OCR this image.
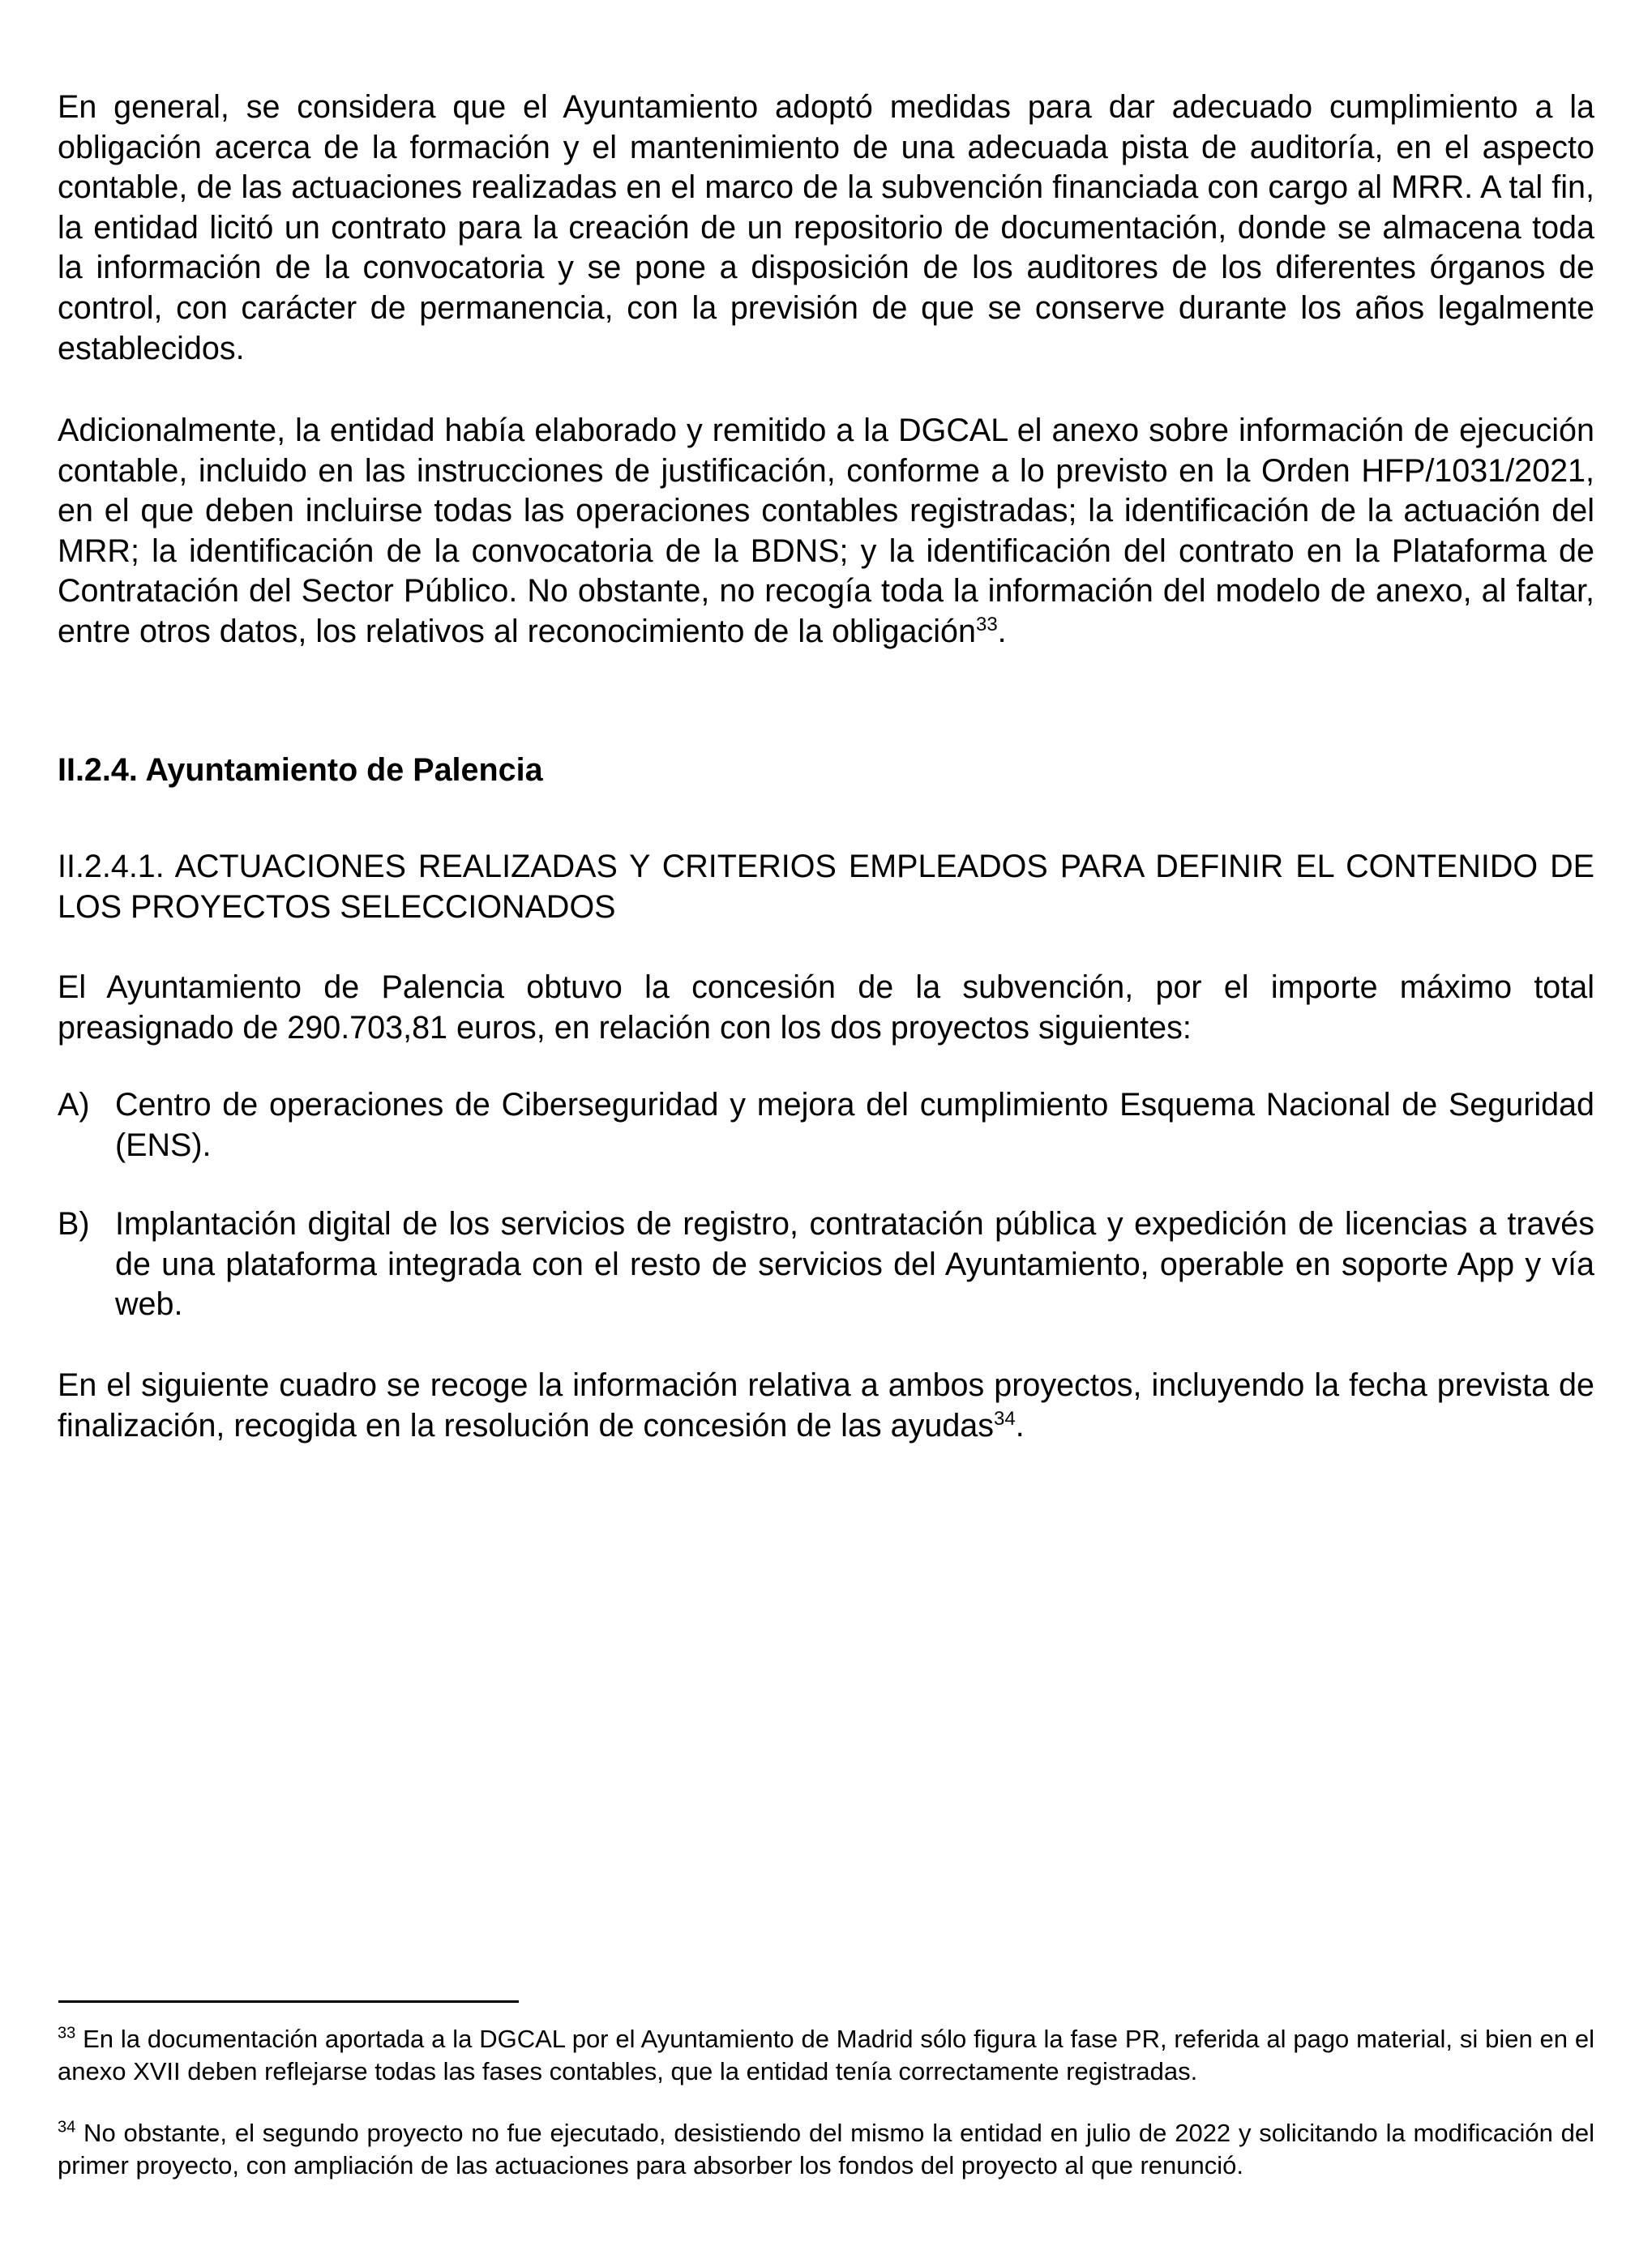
En general, se considera que el Ayuntamiento adoptó medidas para dar adecuado cumplimiento a la obligación acerca de la formación y el mantenimiento de una adecuada pista de auditoría, en el aspecto contable, de las actuaciones realizadas en el marco de la subvención financiada con cargo al MRR. A tal fin, la entidad licitó un contrato para la creación de un repositorio de documentación, donde se almacena toda la información de la convocatoria y se pone a disposición de los auditores de los diferentes órganos de control, con carácter de permanencia, con la previsión de que se conserve durante los años legalmente establecidos.
Adicionalmente, la entidad había elaborado y remitido a la DGCAL el anexo sobre información de ejecución contable, incluido en las instrucciones de justificación, conforme a lo previsto en la Orden HFP/1031/2021, en el que deben incluirse todas las operaciones contables registradas; la identificación de la actuación del MRR; la identificación de la convocatoria de la BDNS; y la identificación del contrato en la Plataforma de Contratación del Sector Público. No obstante, no recogía toda la información del modelo de anexo, al faltar, entre otros datos, los relativos al reconocimiento de la obligación$^{33}$.
II.2.4. Ayuntamiento de Palencia
II.2.4.1. ACTUACIONES REALIZADAS Y CRITERIOS EMPLEADOS PARA DEFINIR EL CONTENIDO DE LOS PROYECTOS SELECCIONADOS
El Ayuntamiento de Palencia obtuvo la concesión de la subvención, por el importe máximo total preasignado de 290.703,81 euros, en relación con los dos proyectos siguientes:
A) Centro de operaciones de Ciberseguridad y mejora del cumplimiento Esquema Nacional de Seguridad (ENS).
B) Implantación digital de los servicios de registro, contratación pública y expedición de licencias a través de una plataforma integrada con el resto de servicios del Ayuntamiento, operable en soporte App y vía web.
En el siguiente cuadro se recoge la información relativa a ambos proyectos, incluyendo la fecha prevista de finalización, recogida en la resolución de concesión de las ayudas$^{34}$.
$^{33}$ En la documentación aportada a la DGCAL por el Ayuntamiento de Madrid sólo figura la fase PR, referida al pago material, si bien en el anexo XVII deben reflejarse todas las fases contables, que la entidad tenía correctamente registradas.
$^{34}$ No obstante, el segundo proyecto no fue ejecutado, desistiendo del mismo la entidad en julio de 2022 y solicitando la modificación del primer proyecto, con ampliación de las actuaciones para absorber los fondos del proyecto al que renunció.
